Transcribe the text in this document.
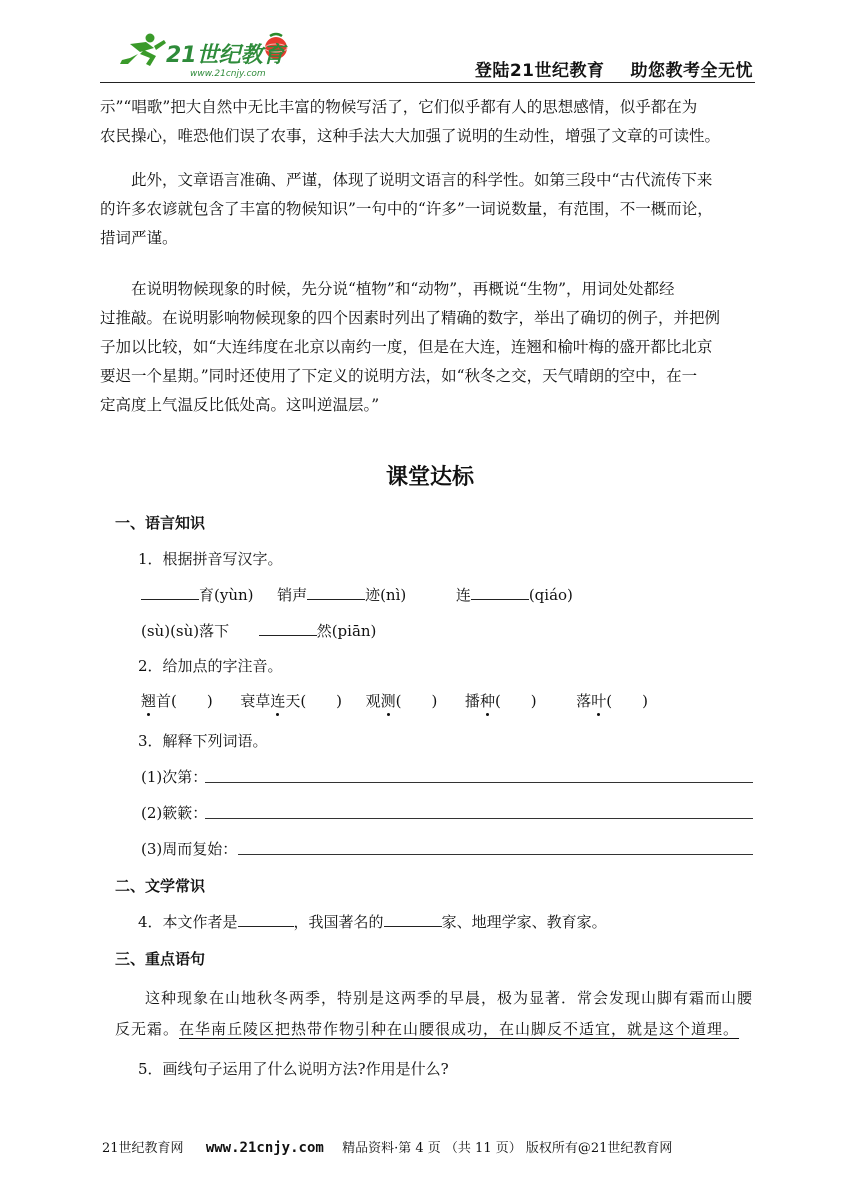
21世纪教育
www.21cnjy.com	登陆21世纪教育 助您教考全无忧
示”“唱歌”把大自然中无比丰富的物候写活了，它们似乎都有人的思想感情，似乎都在为
农民操心，唯恐他们误了农事，这种手法大大加强了说明的生动性，增强了文章的可读性。
此外，文章语言准确、严谨，体现了说明文语言的科学性。如第三段中“古代流传下来
的许多农谚就包含了丰富的物候知识”一句中的“许多”一词说数量，有范围，不一概而论，
措词严谨。
在说明物候现象的时候，先分说“植物”和“动物”，再概说“生物”，用词处处都经
过推敲。在说明影响物候现象的四个因素时列出了精确的数字，举出了确切的例子，并把例
子加以比较，如“大连纬度在北京以南约一度，但是在大连，连翘和榆叶梅的盛开都比北京
要迟一个星期。”同时还使用了下定义的说明方法，如“秋冬之交，天气晴朗的空中，在一
定高度上气温反比低处高。这叫逆温层。”
课堂达标
一、语言知识
1．根据拼音写汉字。
育(yùn) 销声	迹(nì)	连	(qiáo)
(sù)(sù)落下	然(piān)
2．给加点的字注音。
翘首(　　) 衰草连天(　　) 观测(　　) 播种(　　)	落叶(　　)
3．解释下列词语。
(1)次第：
(2)簌簌：
(3)周而复始：
二、文学常识
4．本文作者是	，我国著名的	家、地理学家、教育家。
三、重点语句
这种现象在山地秋冬两季，特别是这两季的早晨，极为显著．常会发现山脚有霜而山腰
反无霜。在华南丘陵区把热带作物引种在山腰很成功，在山脚反不适宜，就是这个道理。
5．画线句子运用了什么说明方法?作用是什么?
21世纪教育网 www.21cnjy.com 精品资料·第 4 页 （共 11 页） 版权所有@21世纪教育网
